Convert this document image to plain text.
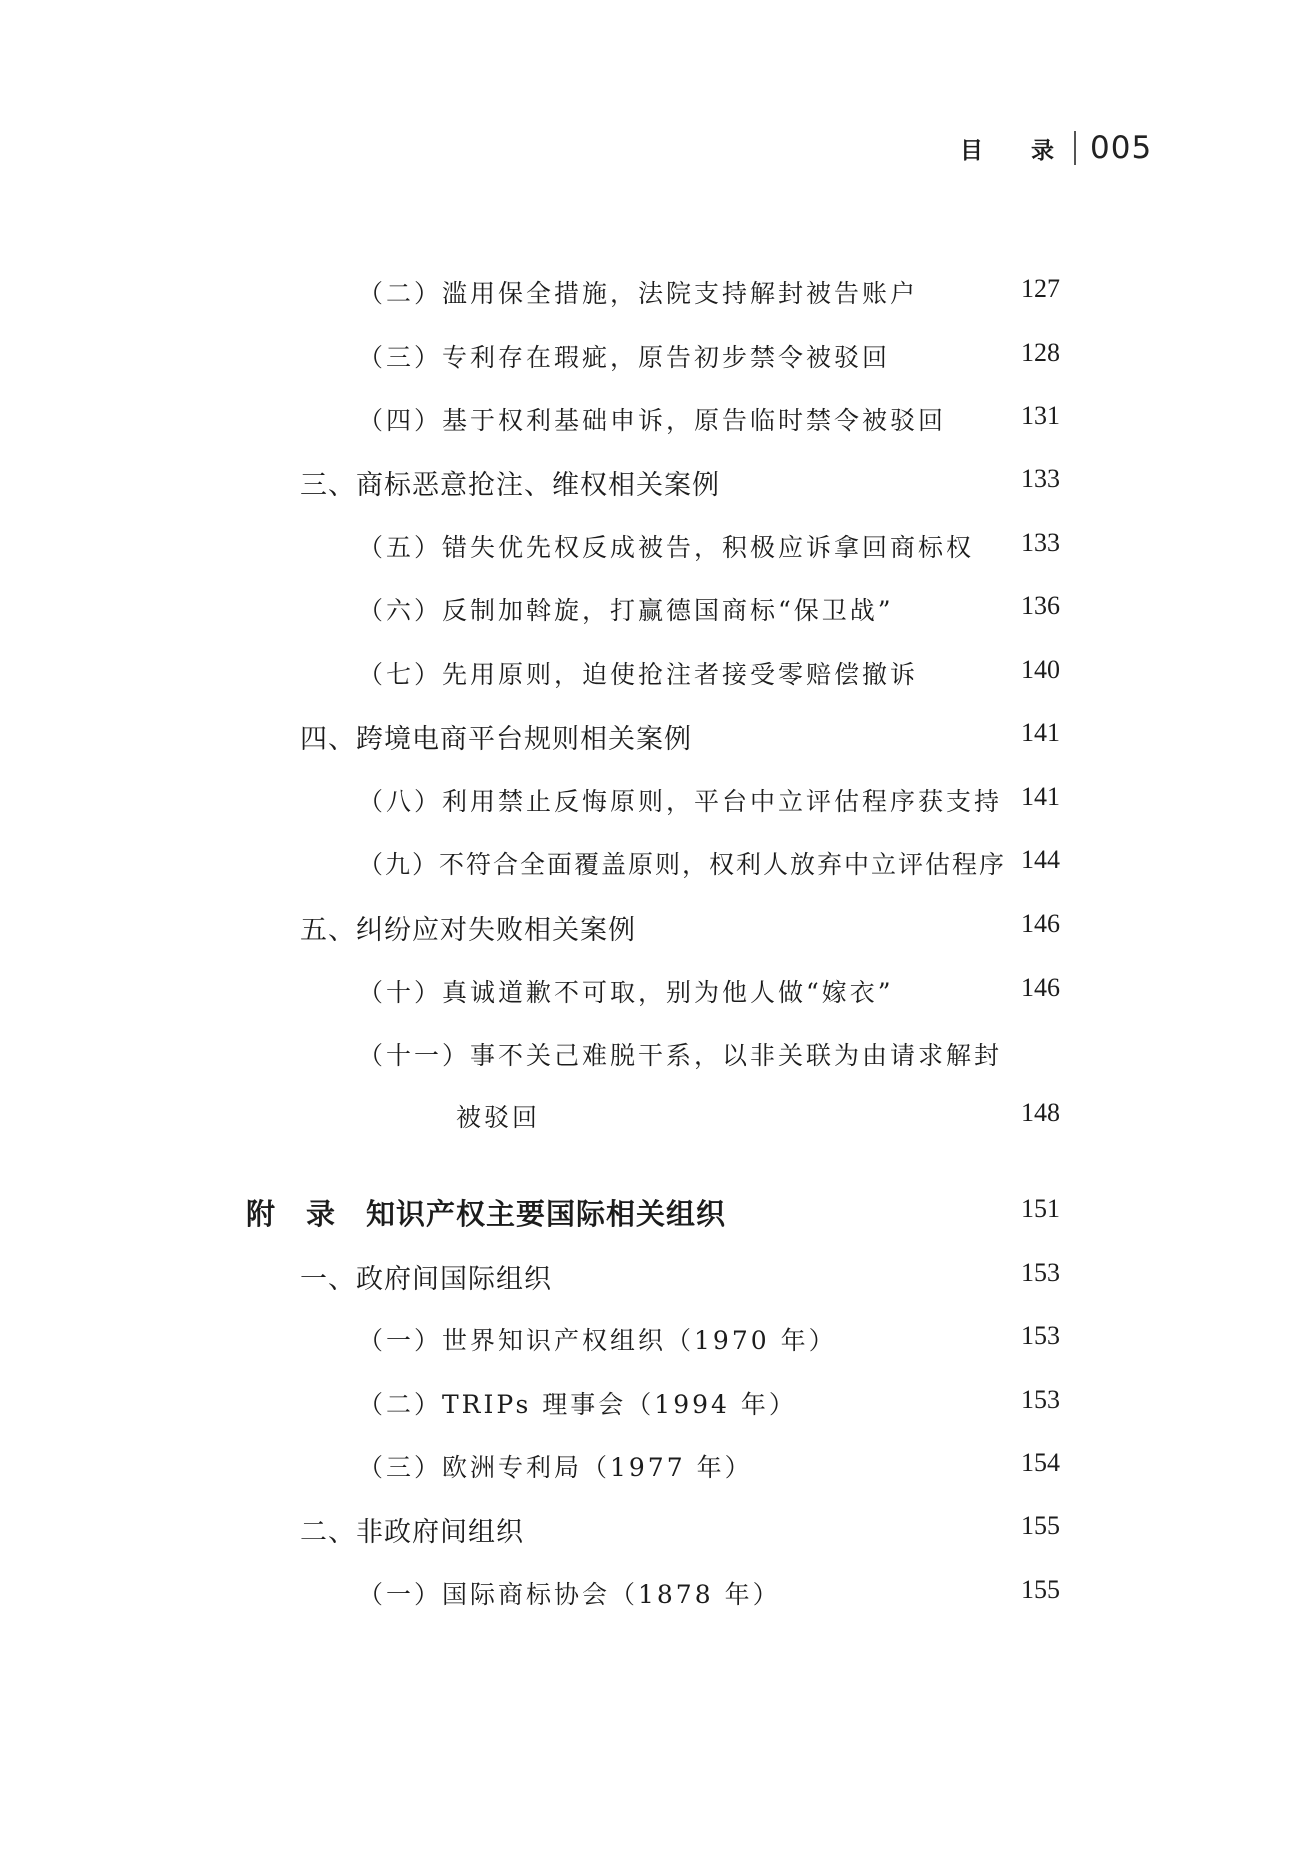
目 录 005
（二）滥用保全措施，法院支持解封被告账户	127
（三）专利存在瑕疵，原告初步禁令被驳回	128
（四）基于权利基础申诉，原告临时禁令被驳回	131
三、商标恶意抢注、维权相关案例	133
（五）错失优先权反成被告，积极应诉拿回商标权	133
（六）反制加斡旋，打赢德国商标“保卫战”	136
（七）先用原则，迫使抢注者接受零赔偿撤诉	140
四、跨境电商平台规则相关案例	141
（八）利用禁止反悔原则，平台中立评估程序获支持 141
（九）不符合全面覆盖原则，权利人放弃中立评估程序 144
五、纠纷应对失败相关案例	146
（十）真诚道歉不可取，别为他人做“嫁衣”	146
（十一）事不关己难脱干系，以非关联为由请求解封
被驳回	148
附　录　知识产权主要国际相关组织	151
一、政府间国际组织	153
（一）世界知识产权组织（1970 年）	153
（二）TRIPs 理事会（1994 年）	153
（三）欧洲专利局（1977 年）	154
二、非政府间组织	155
（一）国际商标协会（1878 年）	155
